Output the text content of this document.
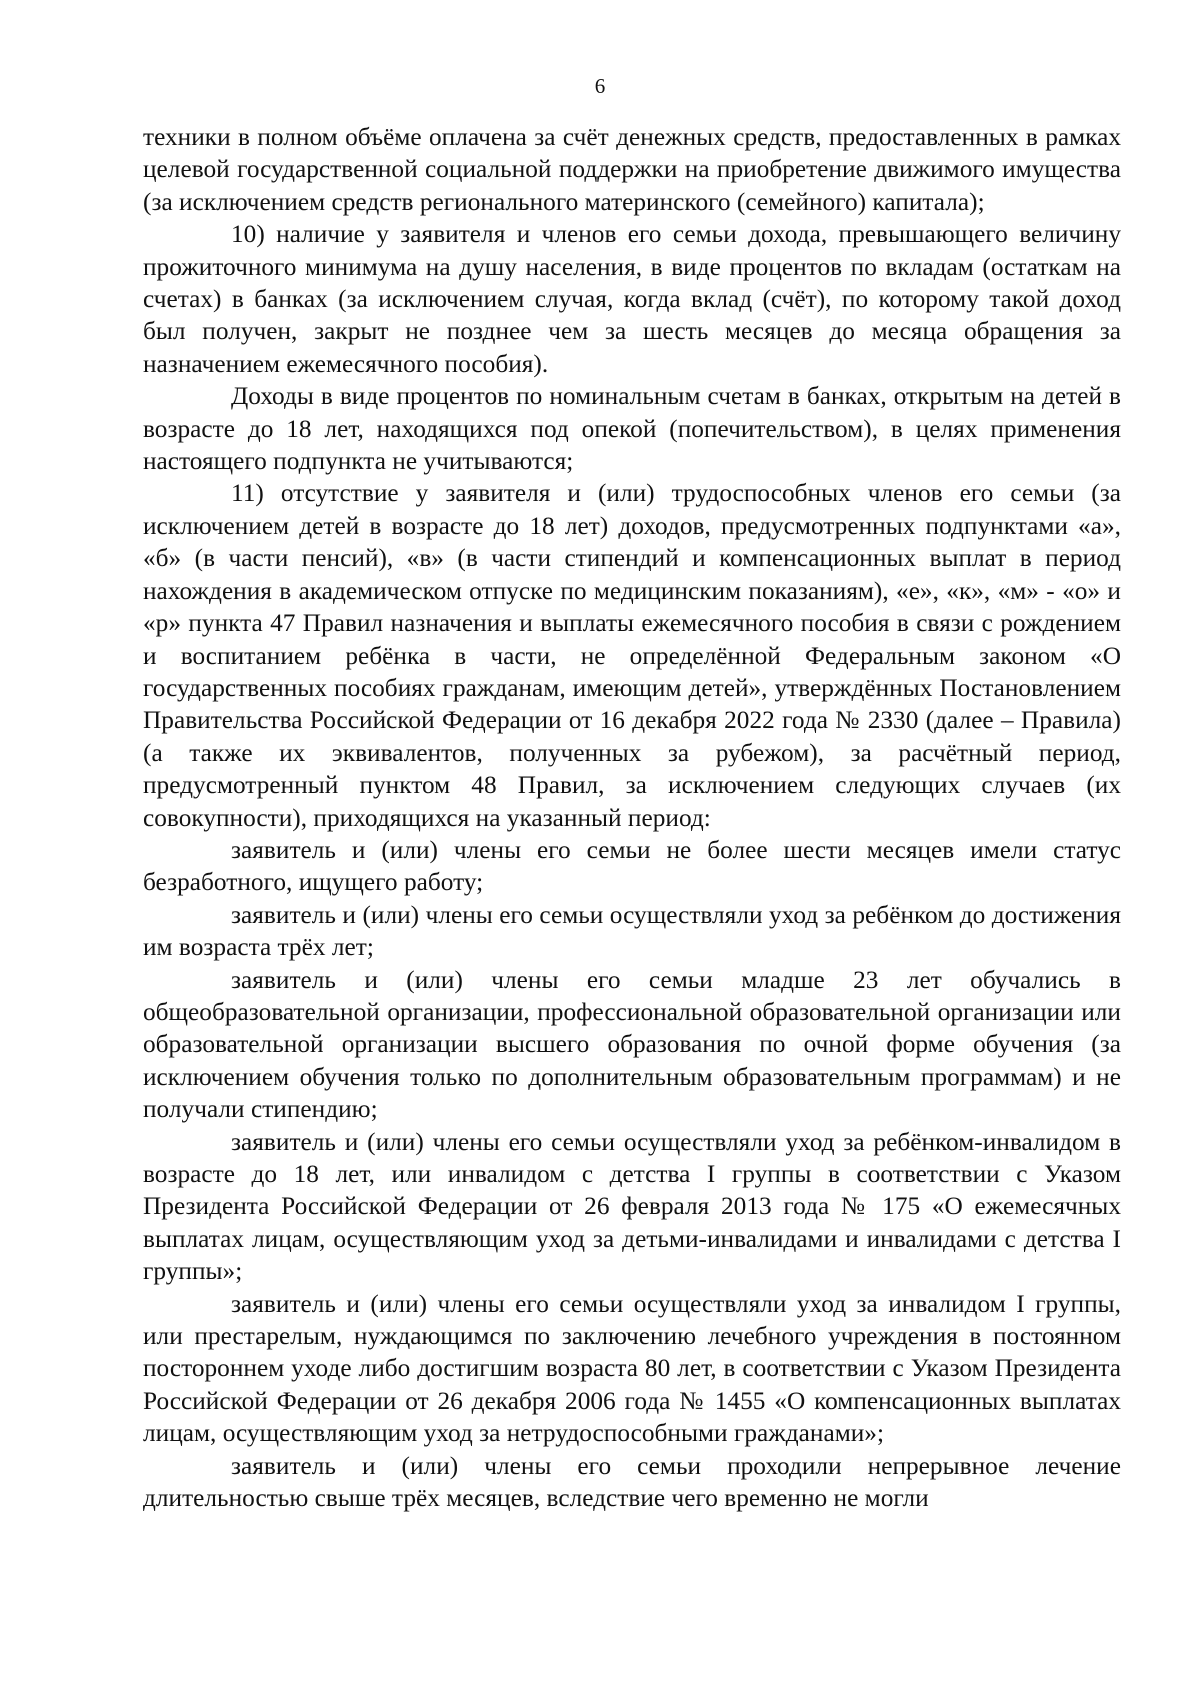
6

техники в полном объёме оплачена за счёт денежных средств, предоставленных в рамках целевой государственной социальной поддержки на приобретение движимого имущества (за исключением средств регионального материнского (семейного) капитала);

10) наличие у заявителя и членов его семьи дохода, превышающего величину прожиточного минимума на душу населения, в виде процентов по вкладам (остаткам на счетах) в банках (за исключением случая, когда вклад (счёт), по которому такой доход был получен, закрыт не позднее чем за шесть месяцев до месяца обращения за назначением ежемесячного пособия).

Доходы в виде процентов по номинальным счетам в банках, открытым на детей в возрасте до 18 лет, находящихся под опекой (попечительством), в целях применения настоящего подпункта не учитываются;

11) отсутствие у заявителя и (или) трудоспособных членов его семьи (за исключением детей в возрасте до 18 лет) доходов, предусмотренных подпунктами «а», «б» (в части пенсий), «в» (в части стипендий и компенсационных выплат в период нахождения в академическом отпуске по медицинским показаниям), «е», «к», «м» - «о» и «р» пункта 47 Правил назначения и выплаты ежемесячного пособия в связи с рождением и воспитанием ребёнка в части, не определённой Федеральным законом «О государственных пособиях гражданам, имеющим детей», утверждённых Постановлением Правительства Российской Федерации от 16 декабря 2022 года № 2330 (далее – Правила) (а также их эквивалентов, полученных за рубежом), за расчётный период, предусмотренный пунктом 48 Правил, за исключением следующих случаев (их совокупности), приходящихся на указанный период:

заявитель и (или) члены его семьи не более шести месяцев имели статус безработного, ищущего работу;

заявитель и (или) члены его семьи осуществляли уход за ребёнком до достижения им возраста трёх лет;

заявитель и (или) члены его семьи младше 23 лет обучались в общеобразовательной организации, профессиональной образовательной организации или образовательной организации высшего образования по очной форме обучения (за исключением обучения только по дополнительным образовательным программам) и не получали стипендию;

заявитель и (или) члены его семьи осуществляли уход за ребёнком-инвалидом в возрасте до 18 лет, или инвалидом с детства I группы в соответствии с Указом Президента Российской Федерации от 26 февраля 2013 года № 175 «О ежемесячных выплатах лицам, осуществляющим уход за детьми-инвалидами и инвалидами с детства I группы»;

заявитель и (или) члены его семьи осуществляли уход за инвалидом I группы, или престарелым, нуждающимся по заключению лечебного учреждения в постоянном постороннем уходе либо достигшим возраста 80 лет, в соответствии с Указом Президента Российской Федерации от 26 декабря 2006 года № 1455 «О компенсационных выплатах лицам, осуществляющим уход за нетрудоспособными гражданами»;

заявитель и (или) члены его семьи проходили непрерывное лечение длительностью свыше трёх месяцев, вследствие чего временно не могли
